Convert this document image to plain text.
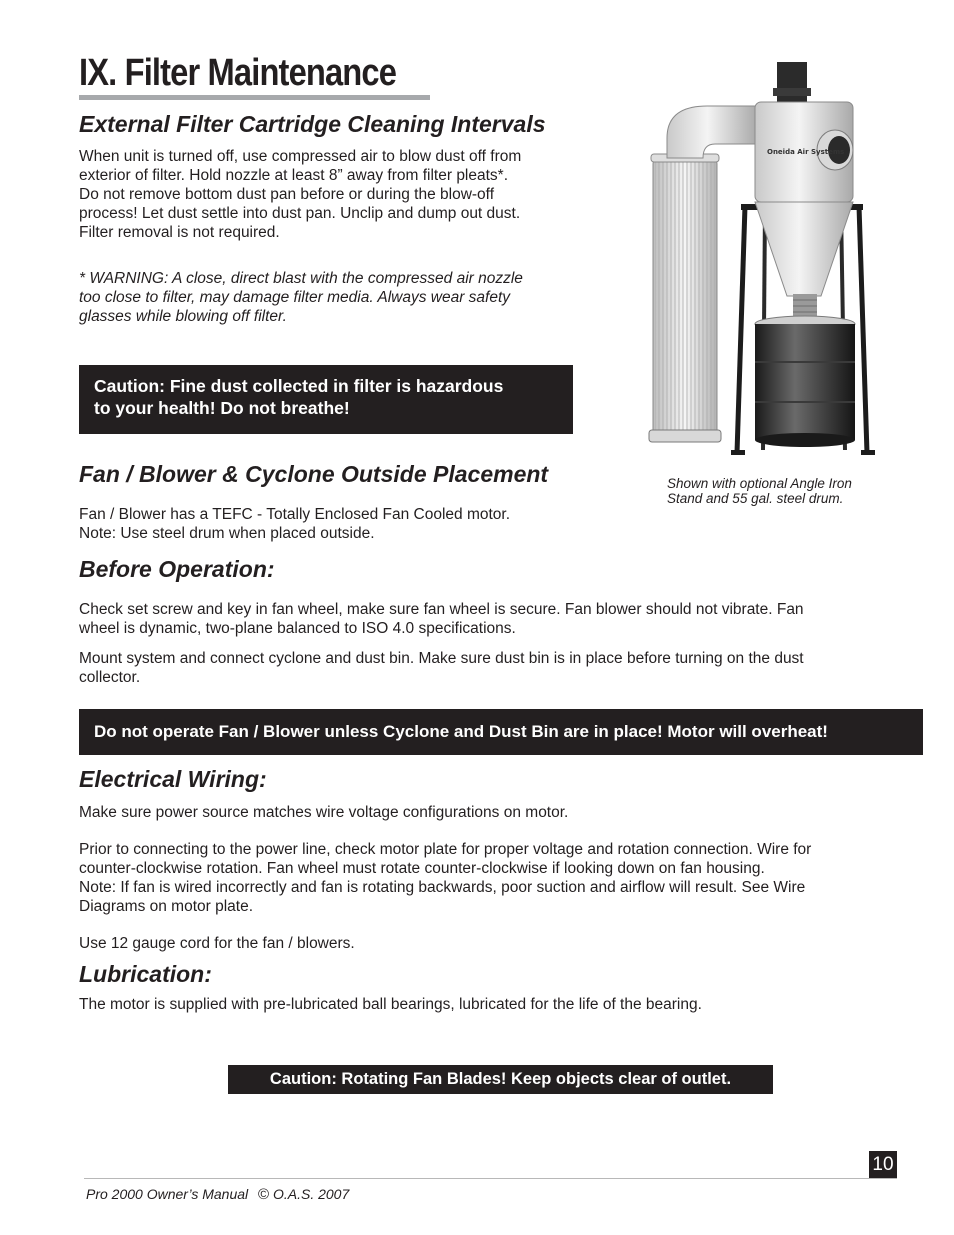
IX. Filter Maintenance
External Filter Cartridge Cleaning Intervals

When unit is turned off, use compressed air to blow dust off from

exterior of filter. Hold nozzle at least 8” away from filter pleats*.

Do not remove bottom dust pan before or during the blow-off

process! Let dust settle into dust pan. Unclip and dump out dust.

Filter removal is not required.

* WARNING: A close, direct blast with the compressed air nozzle

too close to filter, may damage filter media. Always wear safety

glasses while blowing off filter.

Caution: Fine dust collected in filter is hazardous
to your health! Do not breathe!
Oneida Air Systems
Shown with optional Angle Iron
Stand and 55 gal. steel drum.
Fan / Blower & Cyclone Outside Placement

Fan / Blower has a TEFC - Totally Enclosed Fan Cooled motor.

Note: Use steel drum when placed outside.

Before Operation:

Check set screw and key in fan wheel, make sure fan wheel is secure. Fan blower should not vibrate. Fan

wheel is dynamic, two-plane balanced to ISO 4.0 specifications.

Mount system and connect cyclone and dust bin. Make sure dust bin is in place before turning on the dust

collector.

Do not operate Fan / Blower unless Cyclone and Dust Bin are in place! Motor will overheat!
Electrical Wiring:

Make sure power source matches wire voltage configurations on motor.

Prior to connecting to the power line, check motor plate for proper voltage and rotation connection. Wire for

counter-clockwise rotation. Fan wheel must rotate counter-clockwise if looking down on fan housing.

Note: If fan is wired incorrectly and fan is rotating backwards, poor suction and airflow will result. See Wire

Diagrams on motor plate.

Use 12 gauge cord for the fan / blowers.

Lubrication:

The motor is supplied with pre-lubricated ball bearings, lubricated for the life of the bearing.

Caution: Rotating Fan Blades! Keep objects clear of outlet.
10
Pro 2000 Owner’s Manual © O.A.S. 2007
